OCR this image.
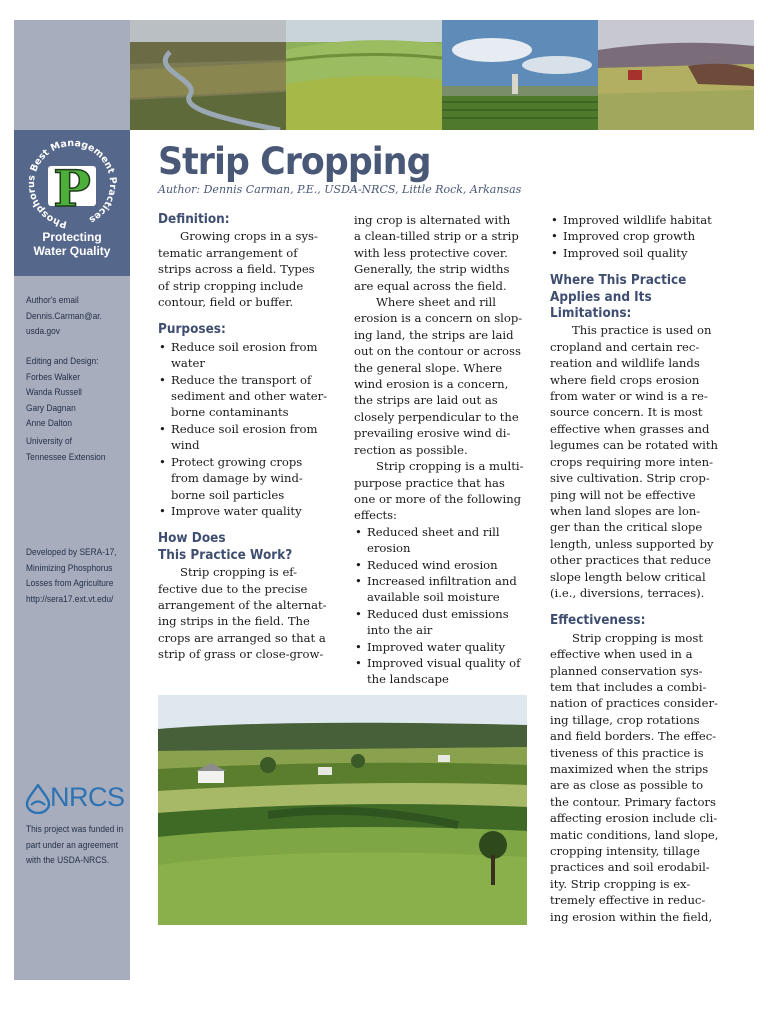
Phosphorus Best Management Practices
P
Protecting
Water Quality
Author's email
Dennis.Carman@ar.
usda.gov
Editing and Design:
Forbes Walker
Wanda Russell
Gary Dagnan
Anne Dalton
University of
Tennessee Extension
Developed by SERA-17,
Minimizing Phosphorus
Losses from Agriculture
http://sera17.ext.vt.edu/
NRCS
This project was funded in
part under an agreement
with the USDA-NRCS.
Strip Cropping
Author: Dennis Carman, P.E., USDA-NRCS, Little Rock, Arkansas
Definition:
Growing crops in a sys-
tematic arrangement of
strips across a field. Types
of strip cropping include
contour, field or buffer.
Purposes:
• Reduce soil erosion from
water
• Reduce the transport of
sediment and other water-
borne contaminants
• Reduce soil erosion from
wind
• Protect growing crops
from damage by wind-
borne soil particles
• Improve water quality
How Does
This Practice Work?
Strip cropping is ef-
fective due to the precise
arrangement of the alternat-
ing strips in the field. The
crops are arranged so that a
strip of grass or close-grow-
ing crop is alternated with
a clean-tilled strip or a strip
with less protective cover.
Generally, the strip widths
are equal across the field.
Where sheet and rill
erosion is a concern on slop-
ing land, the strips are laid
out on the contour or across
the general slope. Where
wind erosion is a concern,
the strips are laid out as
closely perpendicular to the
prevailing erosive wind di-
rection as possible.
Strip cropping is a multi-
purpose practice that has
one or more of the following
effects:
• Reduced sheet and rill
erosion
• Reduced wind erosion
• Increased infiltration and
available soil moisture
• Reduced dust emissions
into the air
• Improved water quality
• Improved visual quality of
the landscape
• Improved wildlife habitat
• Improved crop growth
• Improved soil quality
Where This Practice
Applies and Its
Limitations:
This practice is used on
cropland and certain rec-
reation and wildlife lands
where field crops erosion
from water or wind is a re-
source concern. It is most
effective when grasses and
legumes can be rotated with
crops requiring more inten-
sive cultivation. Strip crop-
ping will not be effective
when land slopes are lon-
ger than the critical slope
length, unless supported by
other practices that reduce
slope length below critical
(i.e., diversions, terraces).
Effectiveness:
Strip cropping is most
effective when used in a
planned conservation sys-
tem that includes a combi-
nation of practices consider-
ing tillage, crop rotations
and field borders. The effec-
tiveness of this practice is
maximized when the strips
are as close as possible to
the contour. Primary factors
affecting erosion include cli-
matic conditions, land slope,
cropping intensity, tillage
practices and soil erodabil-
ity. Strip cropping is ex-
tremely effective in reduc-
ing erosion within the field,
